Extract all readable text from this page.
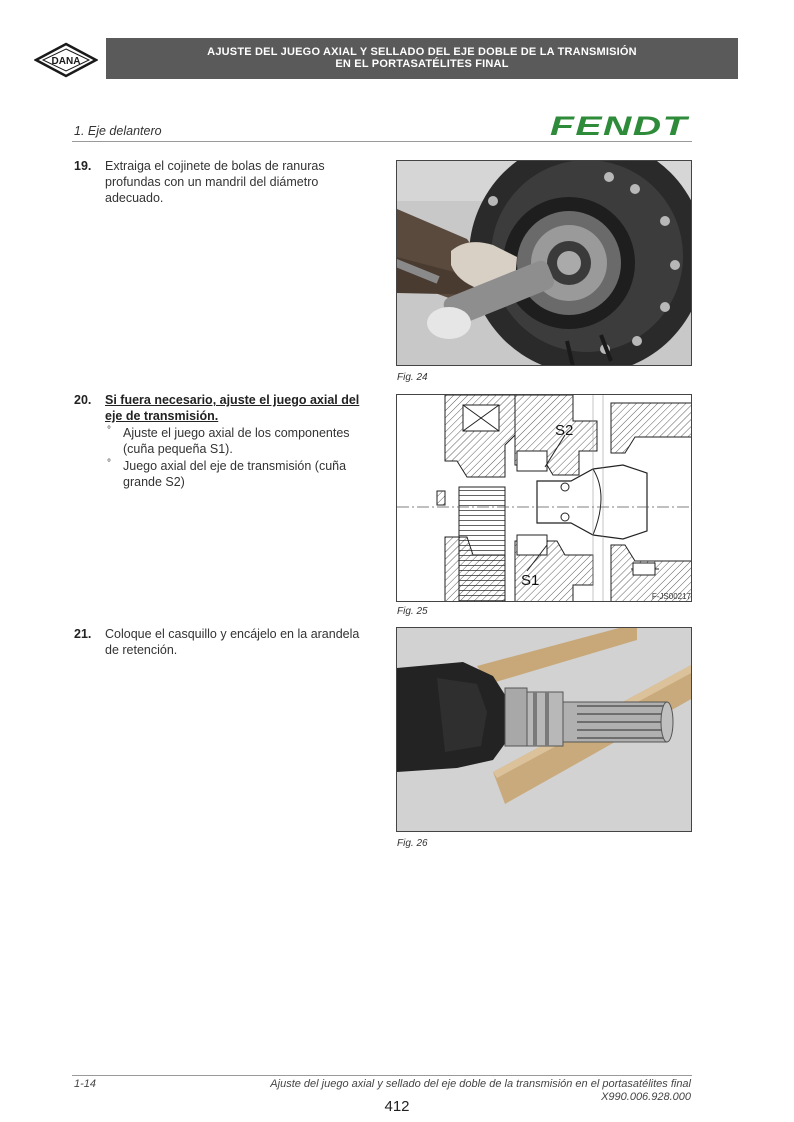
DANA
AJUSTE DEL JUEGO AXIAL Y SELLADO DEL EJE DOBLE DE LA TRANSMISIÓN
EN EL PORTASATÉLITES FINAL
1. Eje delantero	FENDT
19. Extraiga el cojinete de bolas de ranuras profundas con un mandril del diámetro adecuado.
20. Si fuera necesario, ajuste el juego axial del eje de transmisión.
° Ajuste el juego axial de los componentes (cuña pequeña S1).
° Juego axial del eje de transmisión (cuña grande S2)
21. Coloque el casquillo y encájelo en la arandela de retención.
Fig. 24
S2
S1
F-JS00217
Fig. 25
Fig. 26
1-14	Ajuste del juego axial y sellado del eje doble de la transmisión en el portasatélites final
X990.006.928.000
412
